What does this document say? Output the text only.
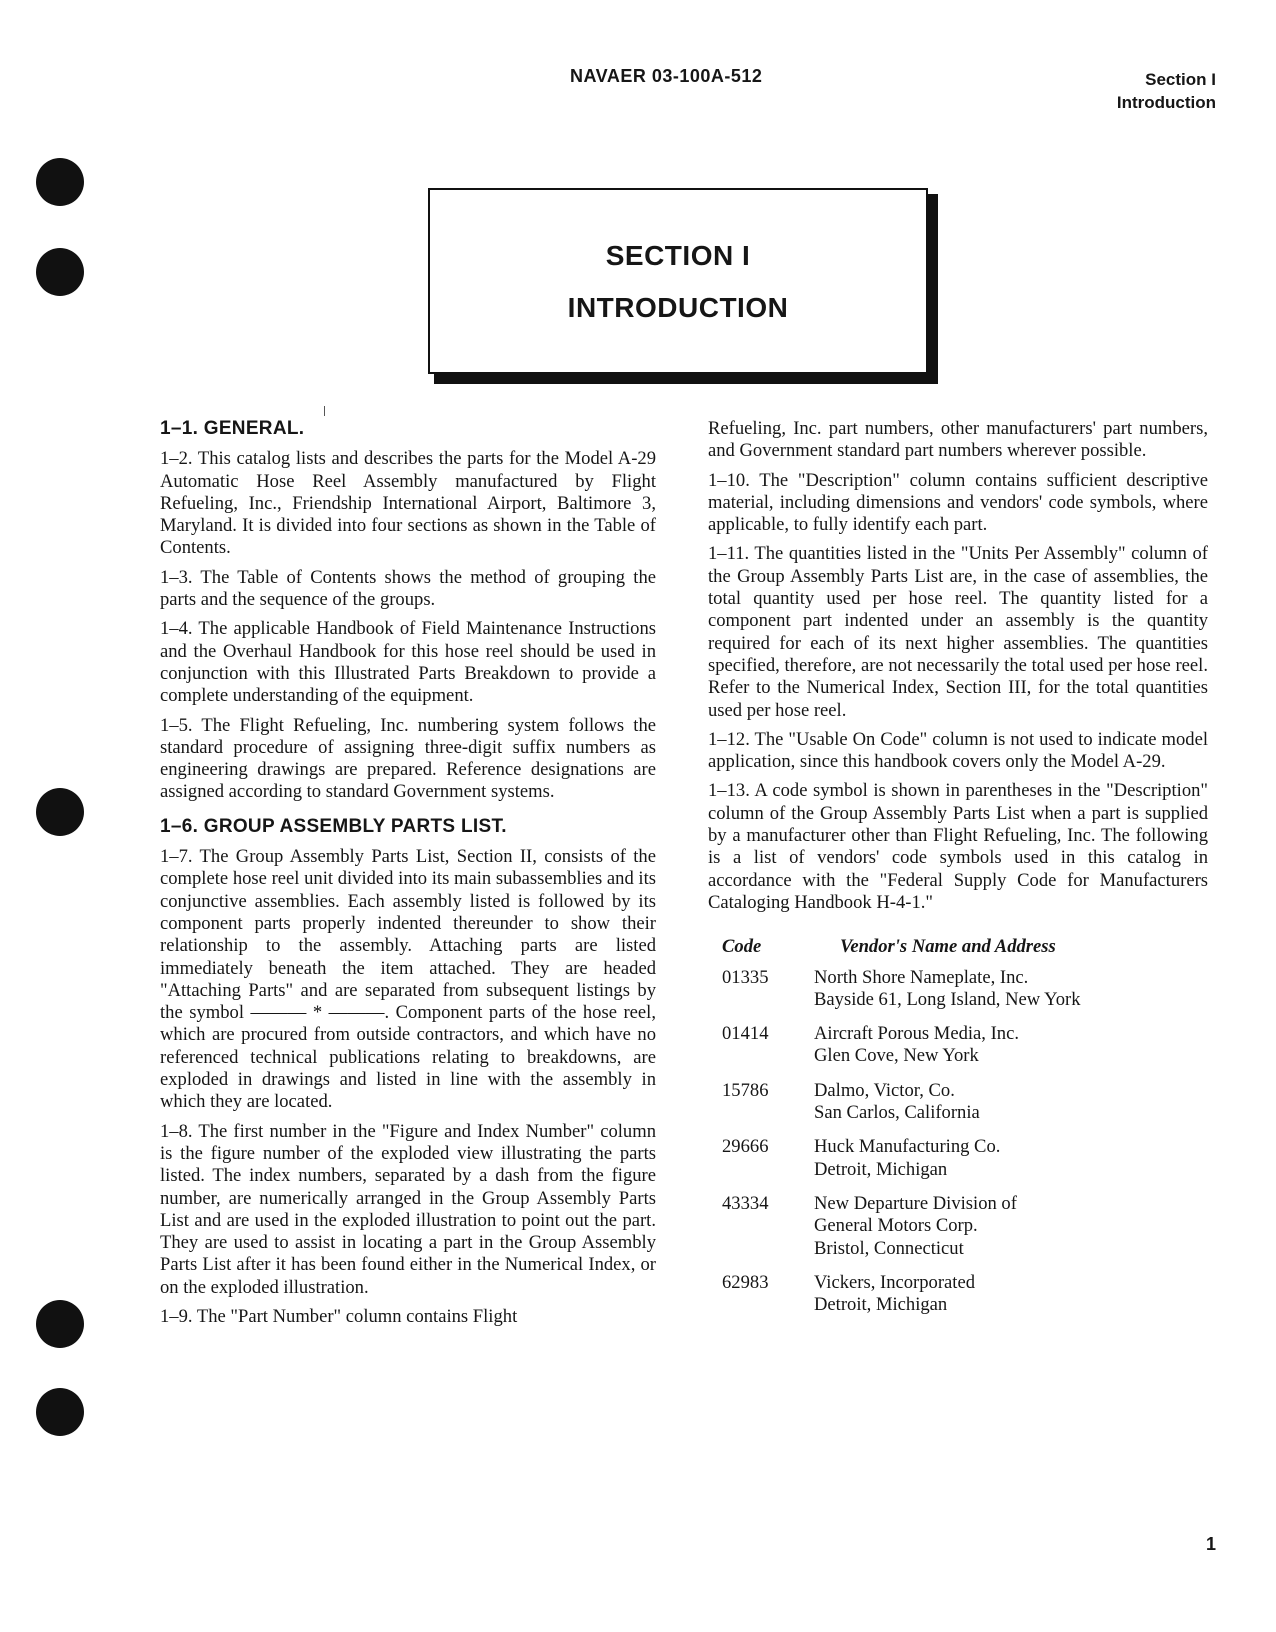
NAVAER 03-100A-512	Section I
Introduction
SECTION I
INTRODUCTION
1–1. GENERAL.

1–2. This catalog lists and describes the parts for the Model A-29 Automatic Hose Reel Assembly manufactured by Flight Refueling, Inc., Friendship International Airport, Baltimore 3, Maryland. It is divided into four sections as shown in the Table of Contents.

1–3. The Table of Contents shows the method of grouping the parts and the sequence of the groups.

1–4. The applicable Handbook of Field Maintenance Instructions and the Overhaul Handbook for this hose reel should be used in conjunction with this Illustrated Parts Breakdown to provide a complete understanding of the equipment.

1–5. The Flight Refueling, Inc. numbering system follows the standard procedure of assigning three-digit suffix numbers as engineering drawings are prepared. Reference designations are assigned according to standard Government systems.

1–6. GROUP ASSEMBLY PARTS LIST.

1–7. The Group Assembly Parts List, Section II, consists of the complete hose reel unit divided into its main subassemblies and its conjunctive assemblies. Each assembly listed is followed by its component parts properly indented thereunder to show their relationship to the assembly. Attaching parts are listed immediately beneath the item attached. They are headed "Attaching Parts" and are separated from subsequent listings by the symbol ——— * ———. Component parts of the hose reel, which are procured from outside contractors, and which have no referenced technical publications relating to breakdowns, are exploded in drawings and listed in line with the assembly in which they are located.

1–8. The first number in the "Figure and Index Number" column is the figure number of the exploded view illustrating the parts listed. The index numbers, separated by a dash from the figure number, are numerically arranged in the Group Assembly Parts List and are used in the exploded illustration to point out the part. They are used to assist in locating a part in the Group Assembly Parts List after it has been found either in the Numerical Index, or on the exploded illustration.

1–9. The "Part Number" column contains Flight

Refueling, Inc. part numbers, other manufacturers' part numbers, and Government standard part numbers wherever possible.

1–10. The "Description" column contains sufficient descriptive material, including dimensions and vendors' code symbols, where applicable, to fully identify each part.

1–11. The quantities listed in the "Units Per Assembly" column of the Group Assembly Parts List are, in the case of assemblies, the total quantity used per hose reel. The quantity listed for a component part indented under an assembly is the quantity required for each of its next higher assemblies. The quantities specified, therefore, are not necessarily the total used per hose reel. Refer to the Numerical Index, Section III, for the total quantities used per hose reel.

1–12. The "Usable On Code" column is not used to indicate model application, since this handbook covers only the Model A-29.

1–13. A code symbol is shown in parentheses in the "Description" column of the Group Assembly Parts List when a part is supplied by a manufacturer other than Flight Refueling, Inc. The following is a list of vendors' code symbols used in this catalog in accordance with the "Federal Supply Code for Manufacturers Cataloging Handbook H-4-1."

Code	Vendor's Name and Address
01335	North Shore Nameplate, Inc.
Bayside 61, Long Island, New York
01414	Aircraft Porous Media, Inc.
Glen Cove, New York
15786	Dalmo, Victor, Co.
San Carlos, California
29666	Huck Manufacturing Co.
Detroit, Michigan
43334	New Departure Division of
General Motors Corp.
Bristol, Connecticut
62983	Vickers, Incorporated
Detroit, Michigan
1
